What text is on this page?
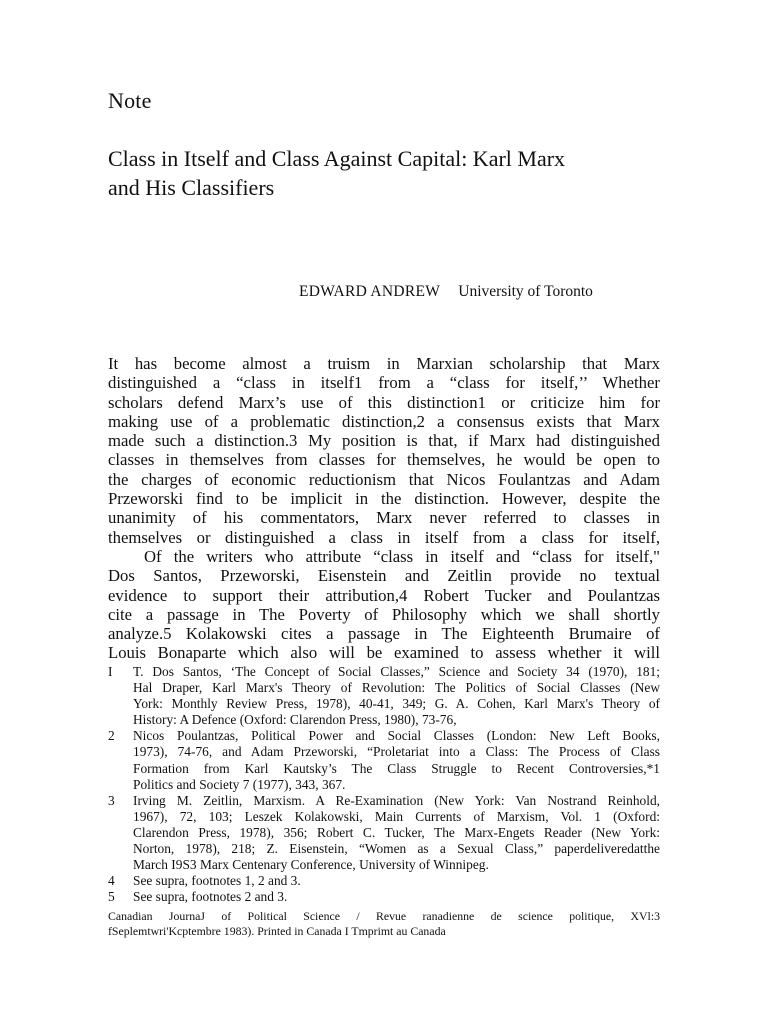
Note
Class in Itself and Class Against Capital: Karl Marx
and His Classifiers
EDWARD ANDREW University of Toronto
It has become almost a truism in Marxian scholarship that Marx
distinguished a “class in itself1 from a “class for itself,’’ Whether
scholars defend Marx’s use of this distinction1 or criticize him for
making use of a problematic distinction,2 a consensus exists that Marx
made such a distinction.3 My position is that, if Marx had distinguished
classes in themselves from classes for themselves, he would be open to
the charges of economic reductionism that Nicos Foulantzas and Adam
Przeworski find to be implicit in the distinction. However, despite the
unanimity of his commentators, Marx never referred to classes in
themselves or distinguished a class in itself from a class for itself,
Of the writers who attribute “class in itself and “class for itself,"
Dos Santos, Przeworski, Eisenstein and Zeitlin provide no textual
evidence to support their attribution,4 Robert Tucker and Poulantzas
cite a passage in The Poverty of Philosophy which we shall shortly
analyze.5 Kolakowski cites a passage in The Eighteenth Brumaire of
Louis Bonaparte which also will be examined to assess whether it will
I	T. Dos Santos, ‘The Concept of Social Classes,” Science and Society 34 (1970), 181;
Hal Draper, Karl Marx's Theory of Revolution: The Politics of Social Classes (New
York: Monthly Review Press, 1978), 40-41, 349; G. A. Cohen, Karl Marx's Theory of
History: A Defence (Oxford: Clarendon Press, 1980), 73-76,
2	Nicos Poulantzas, Political Power and Social Classes (London: New Left Books,
1973), 74-76, and Adam Przeworski, “Proletariat into a Class: The Process of Class
Formation from Karl Kautsky’s The Class Struggle to Recent Controversies,*1
Politics and Society 7 (1977), 343, 367.
3	Irving M. Zeitlin, Marxism. A Re-Examination (New York: Van Nostrand Reinhold,
1967), 72, 103; Leszek Kolakowski, Main Currents of Marxism, Vol. 1 (Oxford:
Clarendon Press, 1978), 356; Robert C. Tucker, The Marx-Engets Reader (New York:
Norton, 1978), 218; Z. Eisenstein, “Women as a Sexual Class,” paperdeliveredatthe
March I9S3 Marx Centenary Conference, University of Winnipeg.
4	See supra, footnotes 1, 2 and 3.
5	See supra, footnotes 2 and 3.
Canadian JournaJ of Political Science / Revue ranadienne de science politique, XVl:3
fSeplemtwri'Kcptembre 1983). Printed in Canada I Tmprimt au Canada
